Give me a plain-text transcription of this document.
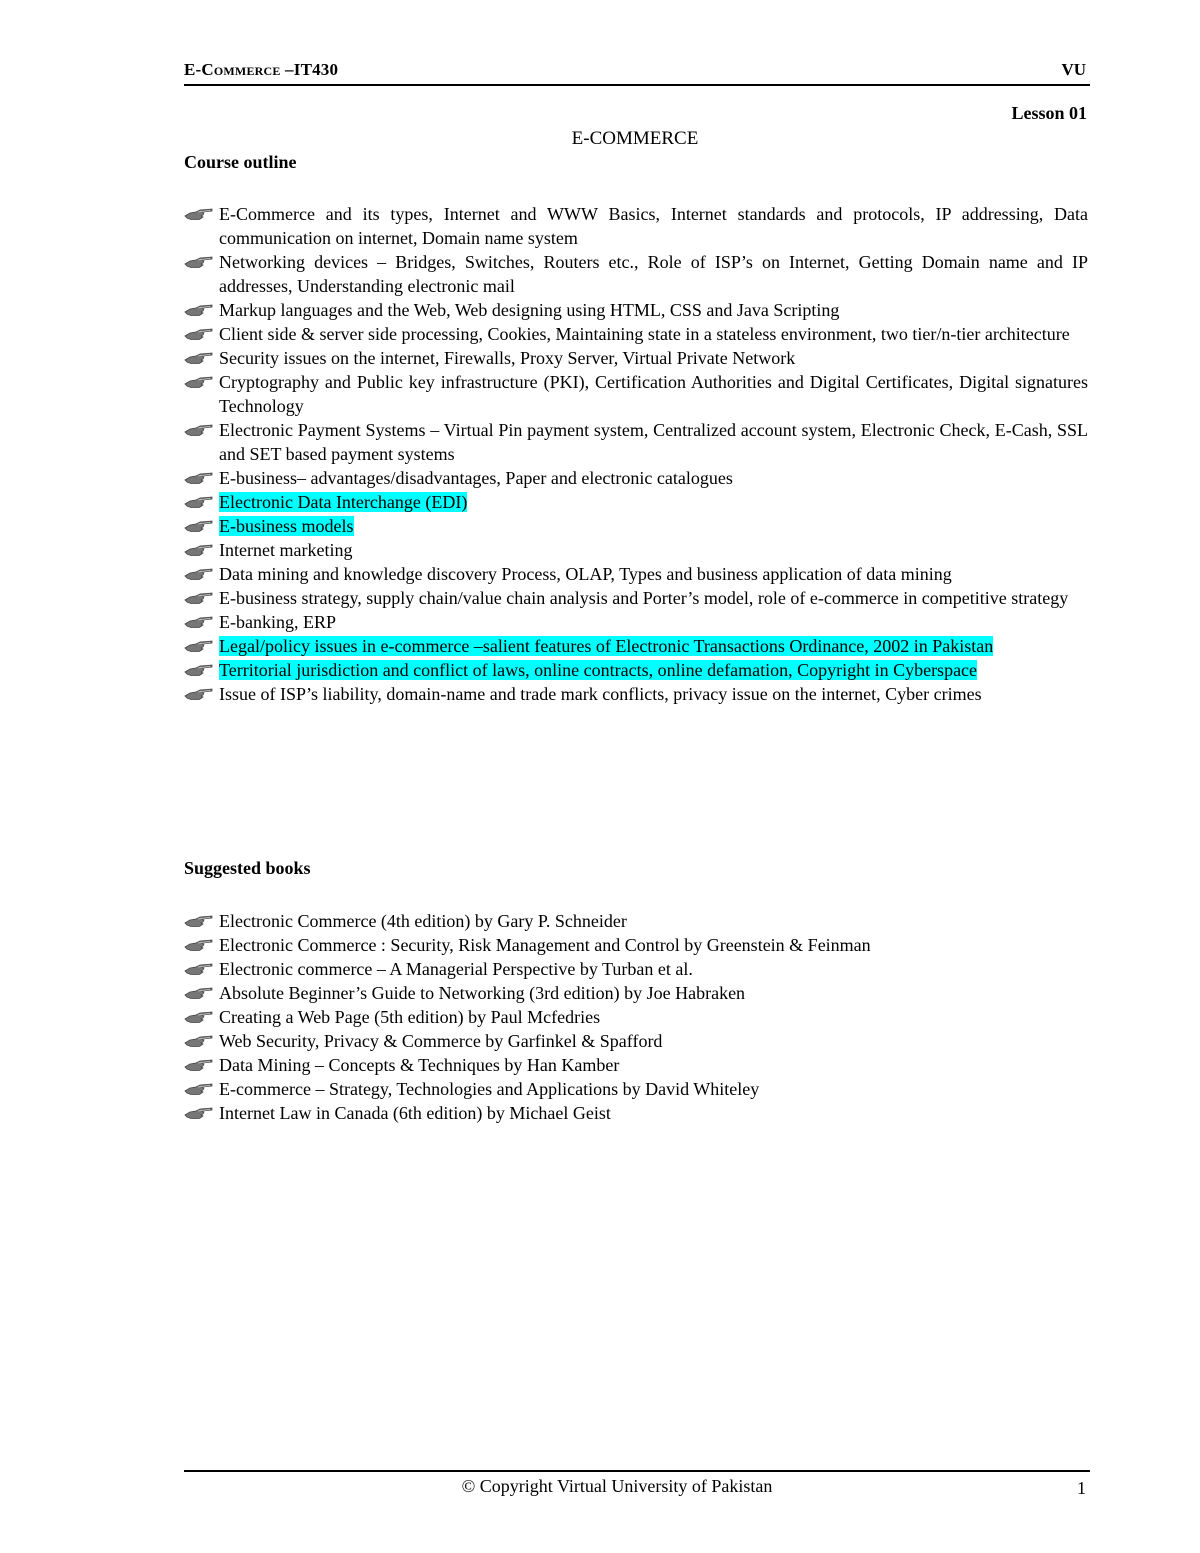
E-Commerce –IT430	VU
Lesson 01
E-COMMERCE
Course outline
E-Commerce and its types, Internet and WWW Basics, Internet standards and protocols, IP addressing, Data communication on internet, Domain name system
Networking devices – Bridges, Switches, Routers etc., Role of ISP’s on Internet, Getting Domain name and IP addresses, Understanding electronic mail
Markup languages and the Web, Web designing using HTML, CSS and Java Scripting
Client side & server side processing, Cookies, Maintaining state in a stateless environment, two tier/n-tier architecture
Security issues on the internet, Firewalls, Proxy Server, Virtual Private Network
Cryptography and Public key infrastructure (PKI), Certification Authorities and Digital Certificates, Digital signatures Technology
Electronic Payment Systems – Virtual Pin payment system, Centralized account system, Electronic Check, E-Cash, SSL and SET based payment systems
E-business– advantages/disadvantages, Paper and electronic catalogues
Electronic Data Interchange (EDI)
E-business models
Internet marketing
Data mining and knowledge discovery Process, OLAP, Types and business application of data mining
E-business strategy, supply chain/value chain analysis and Porter’s model, role of e-commerce in competitive strategy
E-banking, ERP
Legal/policy issues in e-commerce –salient features of Electronic Transactions Ordinance, 2002 in Pakistan
Territorial jurisdiction and conflict of laws, online contracts, online defamation, Copyright in Cyberspace
Issue of ISP’s liability, domain-name and trade mark conflicts, privacy issue on the internet, Cyber crimes
Suggested books
Electronic Commerce (4th edition) by Gary P. Schneider
Electronic Commerce : Security, Risk Management and Control by Greenstein & Feinman
Electronic commerce – A Managerial Perspective by Turban et al.
Absolute Beginner’s Guide to Networking (3rd edition) by Joe Habraken
Creating a Web Page (5th edition) by Paul Mcfedries
Web Security, Privacy & Commerce by Garfinkel & Spafford
Data Mining – Concepts & Techniques by Han Kamber
E-commerce – Strategy, Technologies and Applications by David Whiteley
Internet Law in Canada (6th edition) by Michael Geist
© Copyright Virtual University of Pakistan	1
